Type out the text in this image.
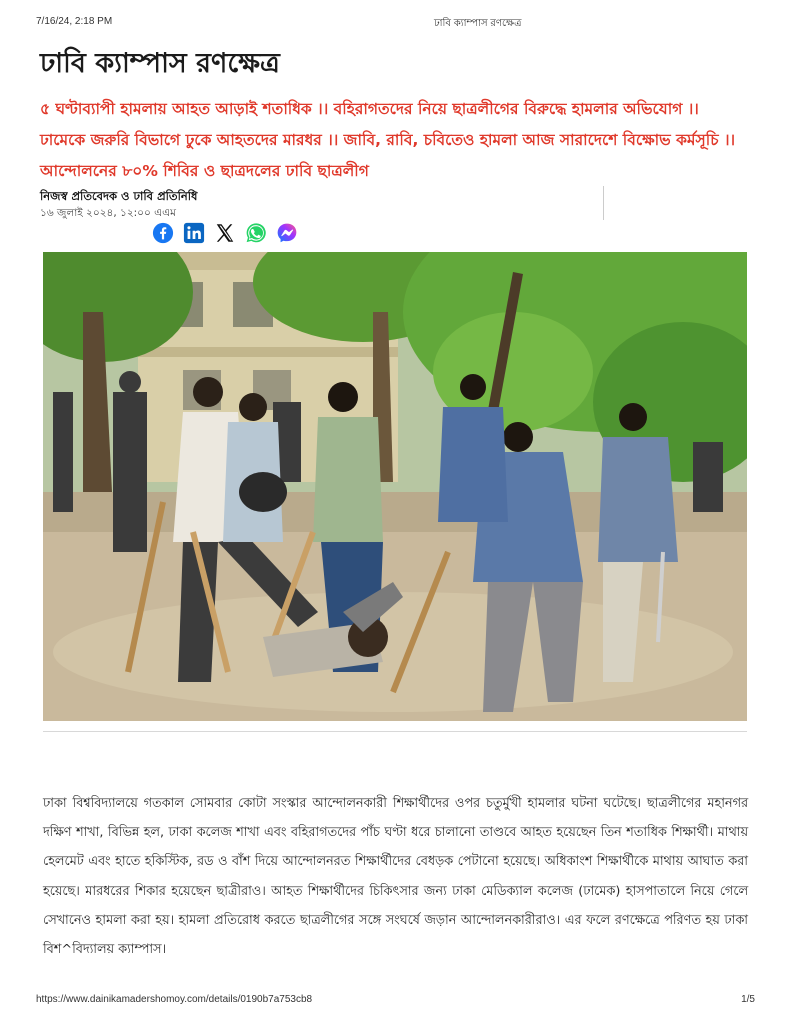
7/16/24, 2:18 PM	ঢাবি ক্যাম্পাস রণক্ষেত্র
ঢাবি ক্যাম্পাস রণক্ষেত্র

৫ ঘণ্টাব্যাপী হামলায় আহত আড়াই শতাধিক ।। বহিরাগতদের নিয়ে ছাত্রলীগের বিরুদ্ধে হামলার অভিযোগ ।। ঢামেকে জরুরি বিভাগে ঢুকে আহতদের মারধর ।। জাবি, রাবি, চবিতেও হামলা আজ সারাদেশে বিক্ষোভ কর্মসূচি ।। আন্দোলনের ৮০% শিবির ও ছাত্রদলের ঢাবি ছাত্রলীগ

নিজস্ব প্রতিবেদক ও ঢাবি প্রতিনিধি
১৬ জুলাই ২০২৪, ১২:০০ এএম

ঢাকা বিশ্ববিদ্যালয়ে গতকাল সোমবার কোটা সংস্কার আন্দোলনকারী শিক্ষার্থীদের ওপর চতুর্মুখী হামলার ঘটনা ঘটেছে। ছাত্রলীগের মহানগর দক্ষিণ শাখা, বিভিন্ন হল, ঢাকা কলেজ শাখা এবং বহিরাগতদের পাঁচ ঘণ্টা ধরে চালানো তাণ্ডবে আহত হয়েছেন তিন শতাধিক শিক্ষার্থী। মাথায় হেলমেট এবং হাতে হকিস্টিক, রড ও বাঁশ দিয়ে আন্দোলনরত শিক্ষার্থীদের বেধড়ক পেটানো হয়েছে। অধিকাংশ শিক্ষার্থীকে মাথায় আঘাত করা হয়েছে। মারধরের শিকার হয়েছেন ছাত্রীরাও। আহত শিক্ষার্থীদের চিকিৎসার জন্য ঢাকা মেডিক্যাল কলেজ (ঢামেক) হাসপাতালে নিয়ে গেলে সেখানেও হামলা করা হয়। হামলা প্রতিরোধ করতে ছাত্রলীগের সঙ্গে সংঘর্ষে জড়ান আন্দোলনকারীরাও। এর ফলে রণক্ষেত্রে পরিণত হয় ঢাকা বিশ^বিদ্যালয় ক্যাম্পাস।

https://www.dainikamadershomoy.com/details/0190b7a753cb8	1/5
